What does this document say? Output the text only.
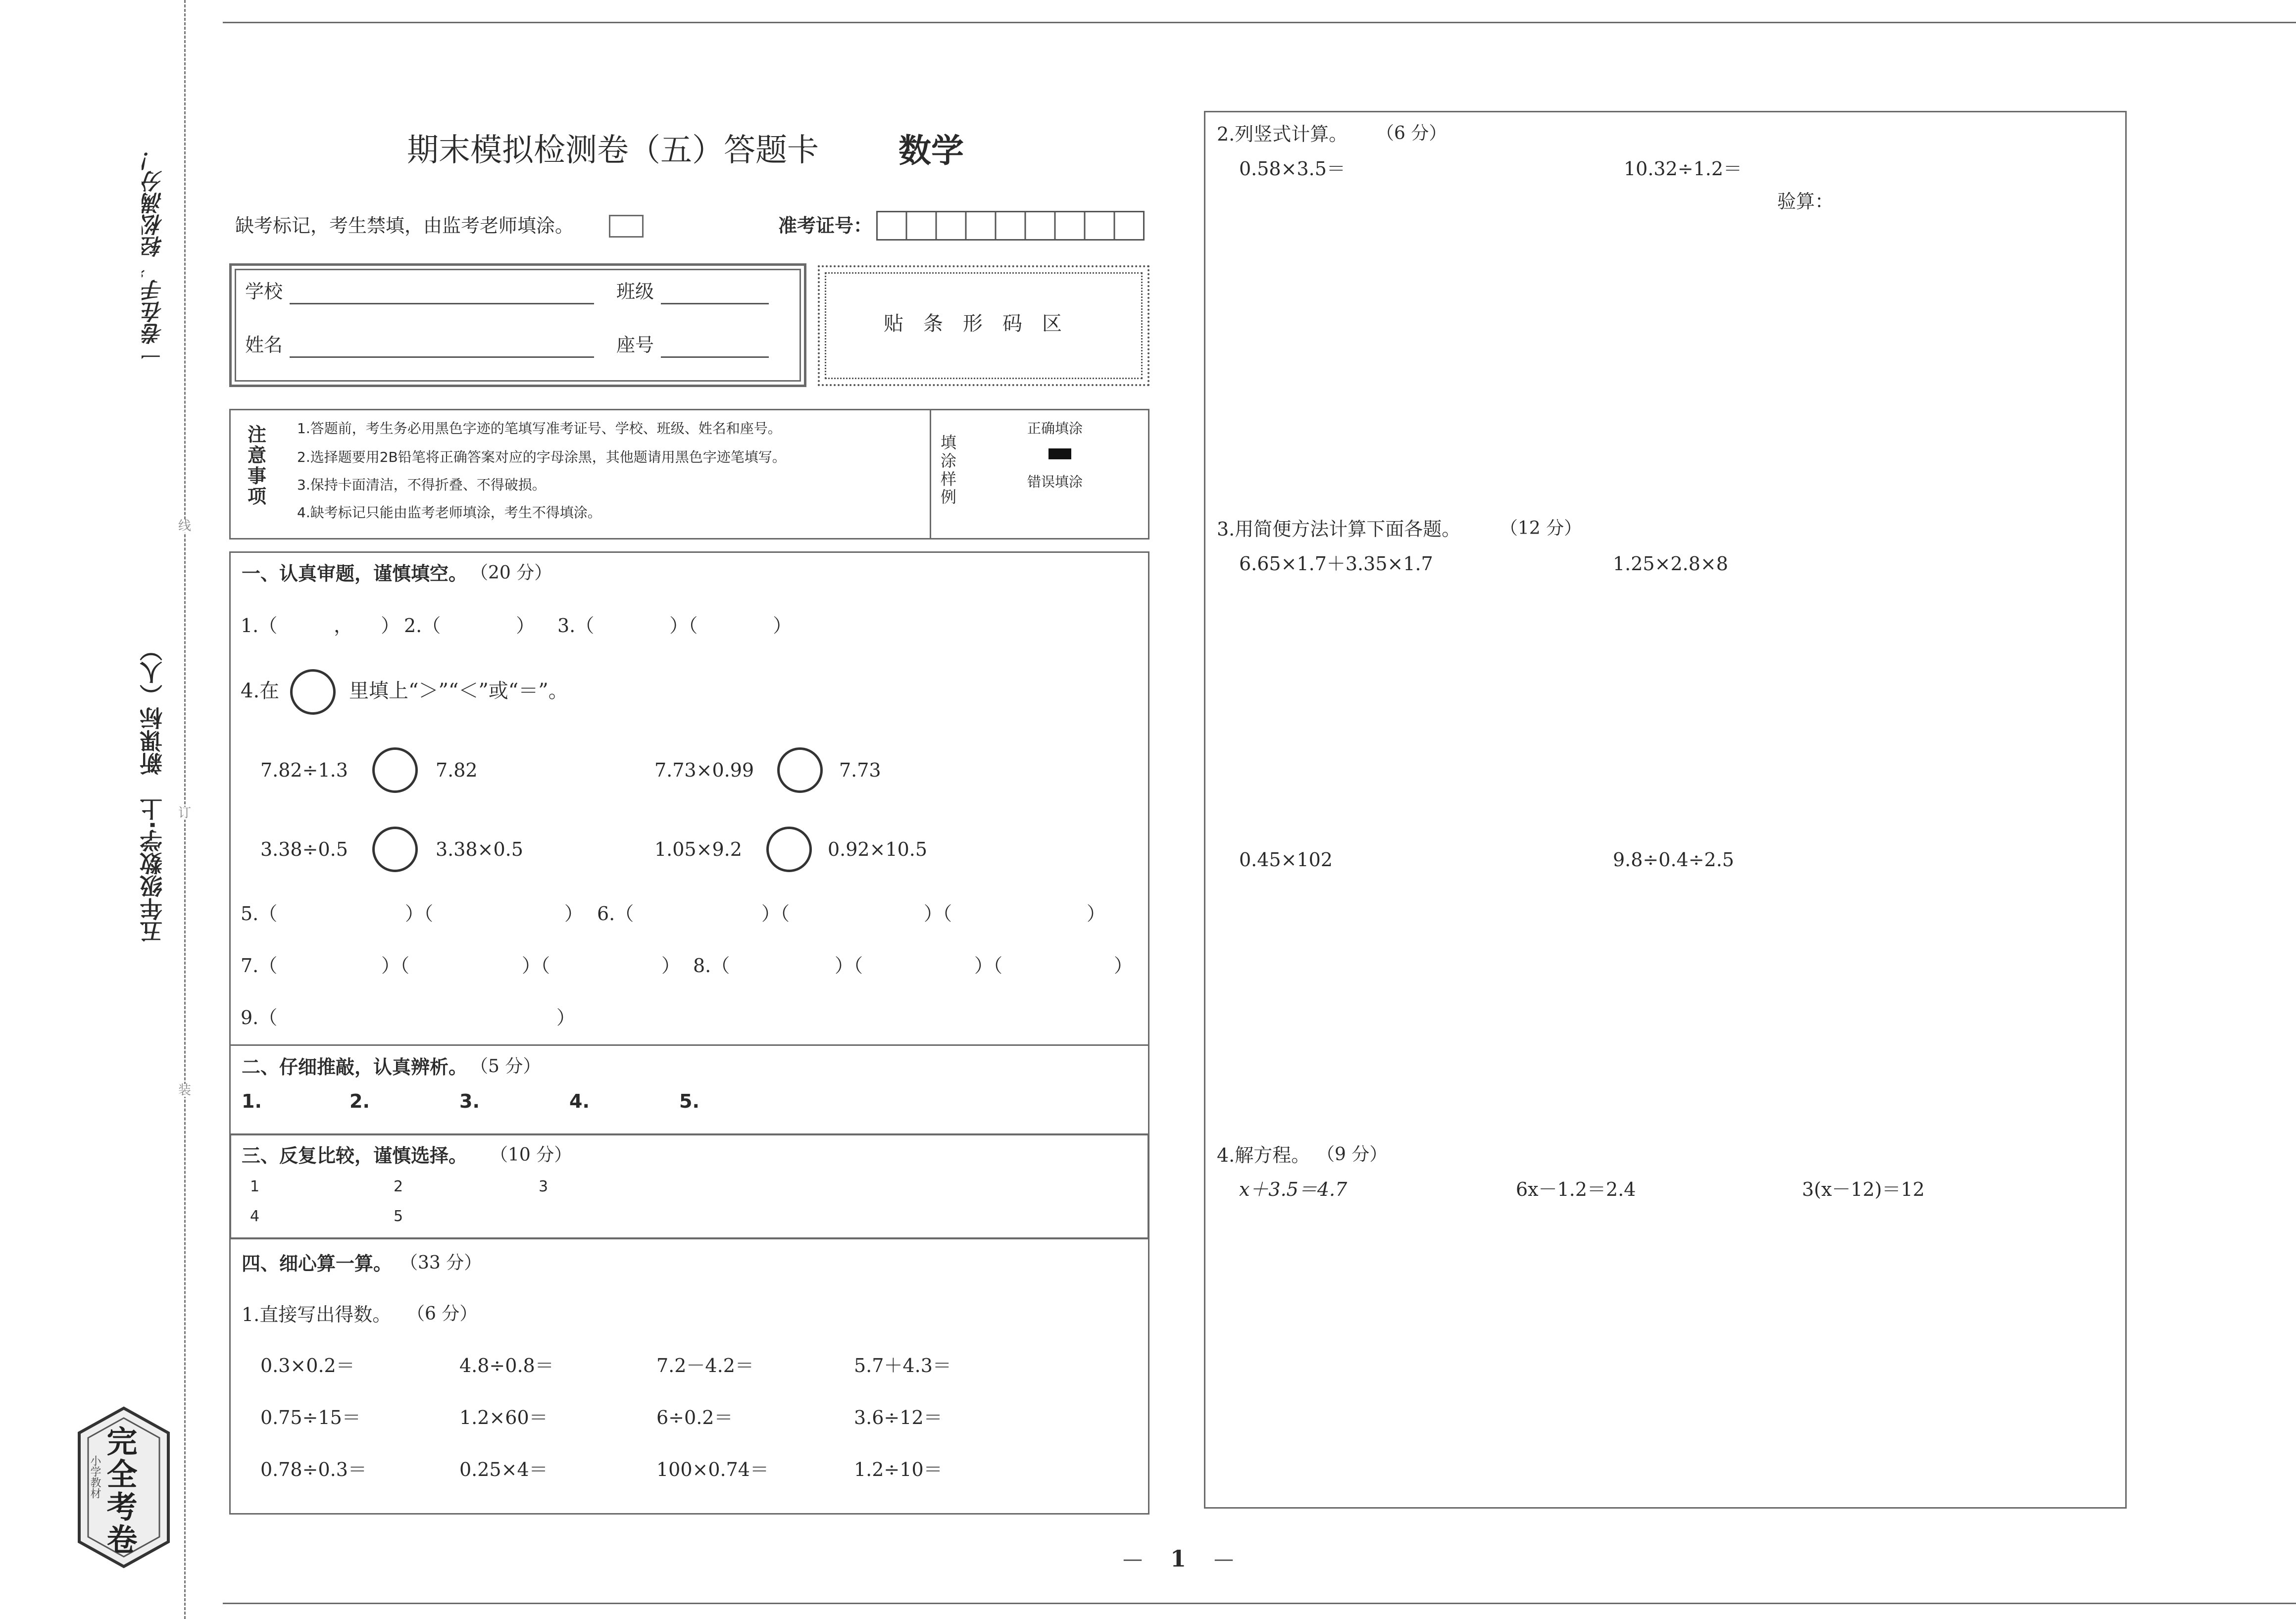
一卷在手，轻松满分！
五年级数学·上　新课标（人）
线
订
装
完全考卷
小学教材
期末模拟检测卷（五）答题卡 数学
缺考标记，考生禁填，由监考老师填涂。	准考证号：
学校	班级
姓名	座号
贴　条　形　码　区
注意事项
1.答题前，考生务必用黑色字迹的笔填写准考证号、学校、班级、姓名和座号。
2.选择题要用2B铅笔将正确答案对应的字母涂黑，其他题请用黑色字迹笔填写。
3.保持卡面清洁，不得折叠、不得破损。
4.缺考标记只能由监考老师填涂，考生不得填涂。
填涂样例
正确填涂
错误填涂
一、认真审题，谨慎填空。 （20 分）
1.（　　　，　　） 2.（　　　　） 3.（　　　　）（　　　　）
4.在	里填上“＞”“＜”或“＝”。
7.82÷1.3	7.82	7.73×0.99	7.73
3.38÷0.5	3.38×0.5	1.05×9.2	0.92×10.5
5.（	）（	） 6.（	）（	）（	）
7.（	）（	）（	） 8.（	）（	）（	）
9.（	）
二、仔细推敲，认真辨析。 （5 分）
1.	2.	3.	4.	5.
三、反复比较，谨慎选择。 （10 分）
1	2	3
4	5
四、细心算一算。 （33 分）
1.直接写出得数。 （6 分）
0.3×0.2＝	4.8÷0.8＝	7.2－4.2＝	5.7＋4.3＝
0.75÷15＝	1.2×60＝	6÷0.2＝	3.6÷12＝
0.78÷0.3＝	0.25×4＝	100×0.74＝	1.2÷10＝
2.列竖式计算。 （6 分）
0.58×3.5＝	10.32÷1.2＝
验算：
3.用简便方法计算下面各题。 （12 分）
6.65×1.7＋3.35×1.7	1.25×2.8×8
0.45×102	9.8÷0.4÷2.5
4.解方程。 （9 分）
x＋3.5＝4.7	6x－1.2＝2.4	3(x－12)＝12
— 1 —
